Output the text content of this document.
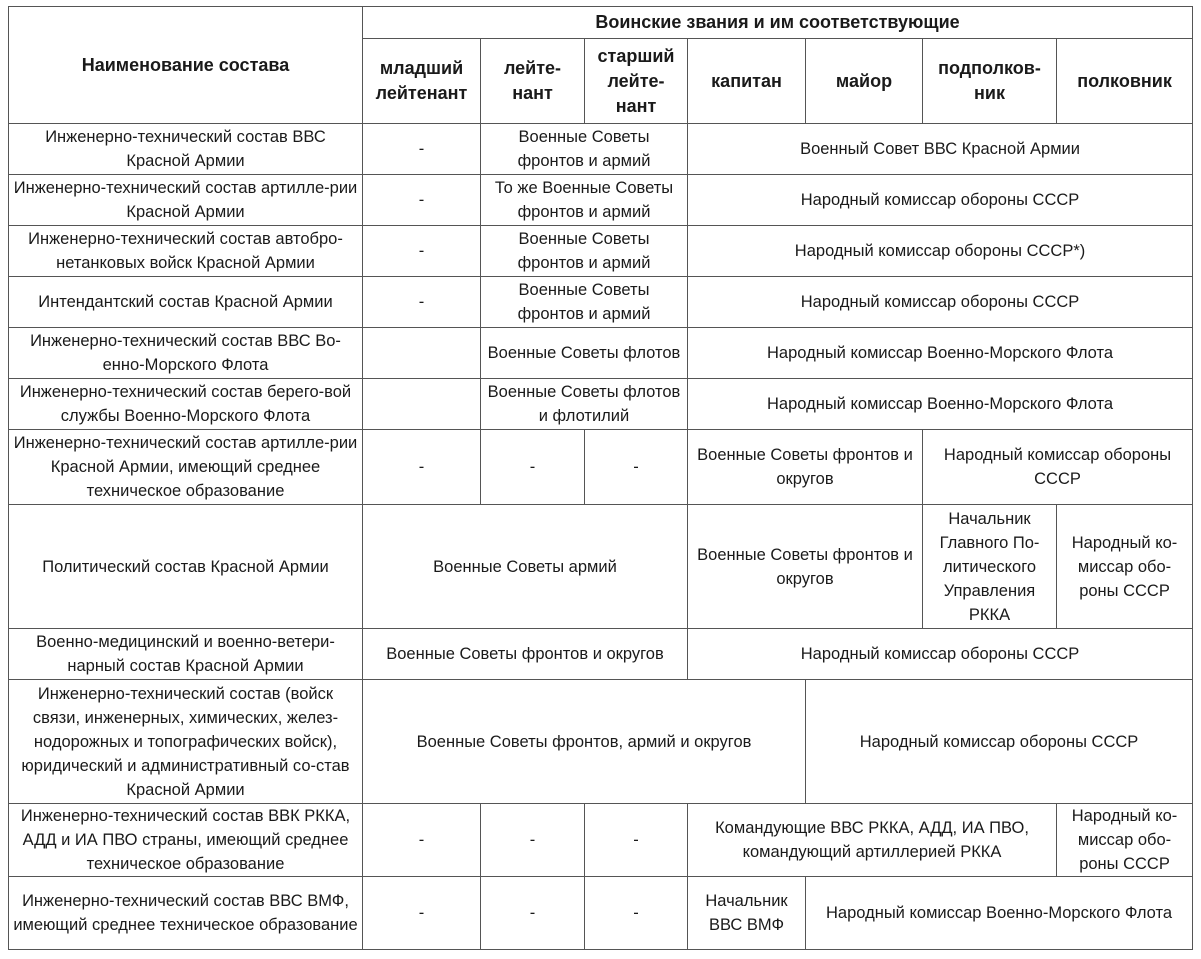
Наименование состава	Воинские звания и им соответствующие						
	младший лейтенант	лейте-нант	старший лейте-нант	капитан	майор	подполков-ник	полковник
Инженерно-технический состав ВВС Красной Армии	-	Военные Советы фронтов и армий		Военный Совет ВВС Красной Армии			
Инженерно-технический состав артилле-рии Красной Армии	-	То же Военные Советы фронтов и армий		Народный комиссар обороны СССР			
Инженерно-технический состав автобро-нетанковых войск Красной Армии	-	Военные Советы фронтов и армий		Народный комиссар обороны СССР*)			
Интендантский состав Красной Армии	-	Военные Советы фронтов и армий		Народный комиссар обороны СССР			
Инженерно-технический состав ВВС Во-енно-Морского Флота		Военные Советы флотов		Народный комиссар Военно-Морского Флота			
Инженерно-технический состав берего-вой службы Военно-Морского Флота		Военные Советы флотов и флотилий		Народный комиссар Военно-Морского Флота			
Инженерно-технический состав артилле-рии Красной Армии, имеющий среднее техническое образование	-	-	-	Военные Советы фронтов и округов		Народный комиссар обороны СССР	
Политический состав Красной Армии	Военные Советы армий			Военные Советы фронтов и округов		Начальник Главного По-литического Управления РККА	Народный ко-миссар обо-роны СССР
Военно-медицинский и военно-ветери-нарный состав Красной Армии	Военные Советы фронтов и округов			Народный комиссар обороны СССР			
Инженерно-технический состав (войск связи, инженерных, химических, желез-нодорожных и топографических войск), юридический и административный со-став Красной Армии	Военные Советы фронтов, армий и округов				Народный комиссар обороны СССР		
Инженерно-технический состав ВВК РККА, АДД и ИА ПВО страны, имеющий среднее техническое образование	-	-	-	Командующие ВВС РККА, АДД, ИА ПВО, командующий артиллерией РККА			Народный ко-миссар обо-роны СССР
Инженерно-технический состав ВВС ВМФ, имеющий среднее техническое образование	-	-	-	Начальник ВВС ВМФ	Народный комиссар Военно-Морского Флота		
